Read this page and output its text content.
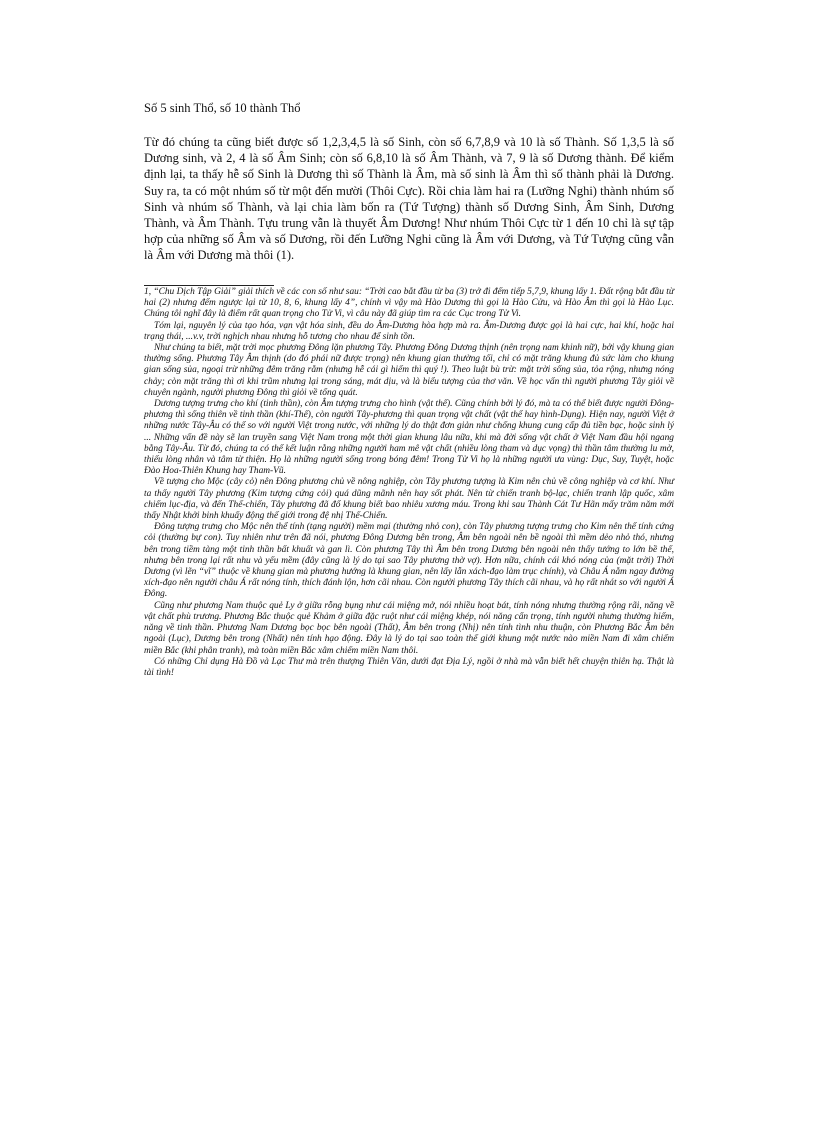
Số 5 sinh Thổ, số 10 thành Thổ

Từ đó chúng ta cũng biết được số 1,2,3,4,5 là số Sinh, còn số 6,7,8,9 và 10 là số Thành. Số 1,3,5 là số Dương sinh, và 2, 4 là số Âm Sinh; còn số 6,8,10 là số Âm Thành, và 7, 9 là số Dương thành. Để kiểm định lại, ta thấy hễ số Sinh là Dương thì số Thành là Âm, mà số sinh là Âm thì số thành phải là Dương. Suy ra, ta có một nhúm số từ một đến mười (Thôi Cực). Rồi chia làm hai ra (Lưỡng Nghi) thành nhúm số Sinh và nhúm số Thành, và lại chia làm bốn ra (Tứ Tượng) thành số Dương Sinh, Âm Sinh, Dương Thành, và Âm Thành. Tựu trung vẫn là thuyết Âm Dương! Như nhúm Thôi Cực từ 1 đến 10 chỉ là sự tập hợp của những số Âm và số Dương, rồi đến Lưỡng Nghi cũng là Âm với Dương, và Tứ Tượng cũng vẫn là Âm với Dương mà thôi (1).

1, “Chu Dịch Tập Giải” giải thích về các con số như sau: “Trời cao bắt đầu từ ba (3) trở đi đếm tiếp 5,7,9, khung lấy 1. Đất rộng bắt đầu từ hai (2) nhưng đếm ngược lại từ 10, 8, 6, khung lấy 4”, chính vì vậy mà Hào Dương thì gọi là Hào Cửu, và Hào Âm thì gọi là Hào Lục. Chúng tôi nghĩ đây là điểm rất quan trọng cho Tử Vi, vì câu này đã giúp tìm ra các Cục trong Tử Vi.

Tóm lại, nguyên lý của tạo hóa, vạn vật hóa sinh, đều do Âm-Dương hòa hợp mà ra. Âm-Dương được gọi là hai cực, hai khí, hoặc hai trạng thái, ...v.v, trời nghịch nhau nhưng hỗ tương cho nhau để sinh tồn.

Như chúng ta biết, mặt trời mọc phương Đông lặn phương Tây. Phương Đông Dương thịnh (nên trọng nam khinh nữ), bởi vậy khung gian thường sống. Phương Tây Âm thịnh (do đó phái nữ được trọng) nên khung gian thường tối, chỉ có mặt trăng khung đủ sức làm cho khung gian sống sủa, ngoại trừ những đêm trăng rằm (nhưng hễ cái gì hiếm thì quý !). Theo luật bù trừ: mặt trời sống sủa, tỏa rộng, nhưng nóng chảy; còn mặt trăng thì ơi khi trũm nhưng lại trong sáng, mát dịu, và là biểu tượng của thơ văn. Về học vấn thì người phương Tây giỏi về chuyên ngành, người phương Đông thì giỏi về tổng quát.

Dương tượng trưng cho khí (tinh thần), còn Âm tượng trưng cho hình (vật thể). Cũng chính bởi lý đó, mà ta có thể biết được người Đông-phương thì sống thiên về tinh thần (khí-Thể), còn người Tây-phương thì quan trọng vật chất (vật thể hay hình-Dụng). Hiện nay, người Việt ở những nước Tây-Âu có thể so với người Việt trong nước, với những lý do thật đơn giản như chống khung cung cấp đủ tiền bạc, hoặc sinh lý ... Những vấn đề này sẽ lan truyền sang Việt Nam trong một thời gian khung lâu nữa, khi mà đời sống vật chất ở Việt Nam đầu hội ngang bằng Tây-Âu. Từ đó, chúng ta có thể kết luận rằng những người ham mê vật chất (nhiều lòng tham và dục vọng) thì thần tâm thường lu mờ, thiếu lòng nhân và tâm từ thiện. Họ là những người sống trong bóng đêm! Trong Tử Vi họ là những người ưa vùng: Dục, Suy, Tuyệt, hoặc Đào Hoa-Thiên Khung hay Tham-Vũ.

Về tượng cho Mộc (cây cỏ) nên Đông phương chủ về nông nghiệp, còn Tây phương tượng là Kim nên chủ về công nghiệp và cơ khí. Như ta thấy người Tây phương (Kim tượng cứng cỏi) quá dũng mãnh nên hay sốt phát. Nên từ chiến tranh bộ-lạc, chiến tranh lập quốc, xâm chiếm lục-địa, và đến Thế-chiến, Tây phương đã đổ khung biết bao nhiêu xương máu. Trong khi sau Thành Cát Tư Hãn mấy trăm năm mới thấy Nhật khởi binh khuấy động thế giới trong đệ nhị Thế-Chiến.

Đông tượng trưng cho Mộc nên thể tính (tạng người) mềm mại (thường nhỏ con), còn Tây phương tượng trưng cho Kim nên thể tính cứng cỏi (thường bự con). Tuy nhiên như trên đã nói, phương Đông Dương bên trong, Âm bên ngoài nên bề ngoài thì mềm dẻo nhỏ thó, nhưng bên trong tiềm tàng một tinh thần bất khuất và gan lì. Còn phương Tây thì Âm bên trong Dương bên ngoài nên thấy tướng to lớn bề thế, nhưng bên trong lại rất nhu và yếu mềm (đây cũng là lý do tại sao Tây phương thờ vợ). Hơn nữa, chính cái khó nóng của (mặt trời) Thời Dương (vì lẽn “vĩ” thuộc về khung gian mà phương hướng là khung gian, nên lấy lẫn xách-đạo làm trục chính), và Châu Á nằm ngay đường xích-đạo nên người châu Á rất nóng tính, thích đánh lộn, hơn cãi nhau. Còn người phương Tây thích cãi nhau, và họ rất nhát so với người Á Đông.

Cũng như phương Nam thuộc quẻ Ly ở giữa rỗng bụng như cái miệng mở, nói nhiều hoạt bát, tính nóng nhưng thường rộng rãi, năng về vật chất phù trương. Phương Bắc thuộc quẻ Khảm ở giữa đặc ruột như cái miệng khép, nói năng cẩn trọng, tính người nhưng thường hiểm, năng về tinh thần. Phương Nam Dương bọc bọc bên ngoài (Thất), Âm bên trong (Nhị) nên tính tình nhu thuận, còn Phương Bắc Âm bên ngoài (Lục), Dương bên trong (Nhất) nên tính hạo động. Đây là lý do tại sao toàn thế giới khung một nước nào miền Nam đi xâm chiếm miền Bắc (khi phân tranh), mà toàn miền Bắc xâm chiếm miền Nam thôi.

Có những Chỉ dụng Hà Đồ và Lạc Thư mà trên thượng Thiên Văn, dưới đạt Địa Lý, ngồi ở nhà mà vẫn biết hết chuyện thiên hạ. Thật là tài tình!
